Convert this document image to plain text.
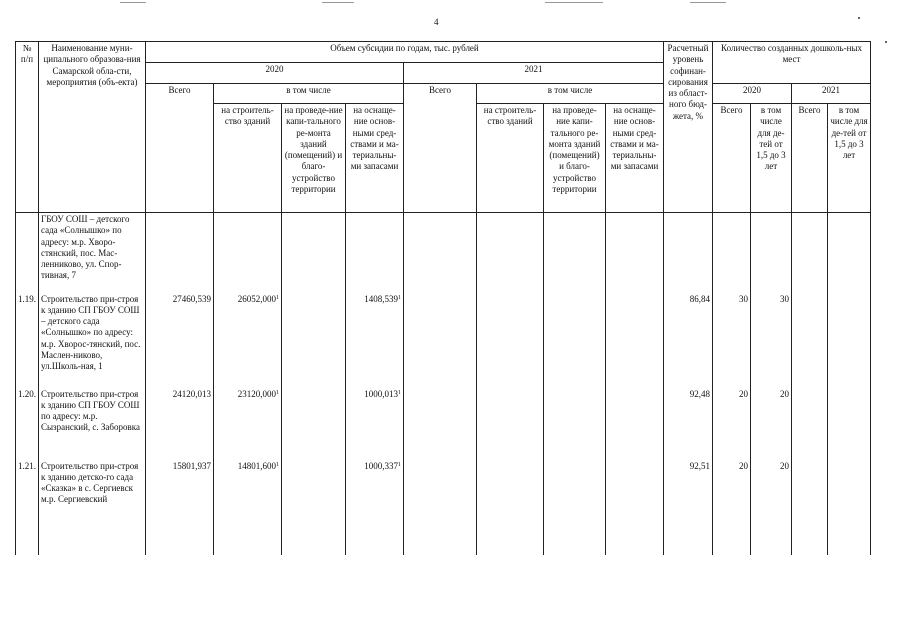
4
№ п/п	Наименование муни-ципального образова-ния Самарской обла-сти, мероприятия (объ-екта)	Объем субсидии по годам, тыс. рублей								Расчетный уровень софинан-сирования из област-ного бюд-жета, %	Количество созданных дошколь-ных мест			
		2020				2021								
		Всего	в том числе			Всего	в том числе				2020		2021	
			на строитель-ство зданий	на проведе-ние капи-тального ре-монта зданий (помещений) и благо-устройство территории	на оснаще-ние основ-ными сред-ствами и ма-териальны-ми запасами		на строитель-ство зданий	на проведе-ние капи-тального ре-монта зданий (помещений) и благо-устройство территории	на оснаще-ние основ-ными сред-ствами и ма-териальны-ми запасами		Всего	в том числе для де-тей от 1,5 до 3 лет	Всего	в том числе для де-тей от 1,5 до 3 лет
	ГБОУ СОШ – детского сада «Солнышко» по адресу: м.р. Хворо-стянский, пос. Мас-ленниково, ул. Спор-тивная, 7													
1.19.	Строительство при-строя к зданию СП ГБОУ СОШ – детского сада «Солнышко» по адресу: м.р. Хворос-тянский, пос. Маслен-никово, ул.Школь-ная, 1	27460,539	26052,000$^1$		1408,539$^1$					86,84	30	30		
1.20.	Строительство при-строя к зданию СП ГБОУ СОШ по адресу: м.р. Сызранский, с. Заборовка	24120,013	23120,000$^1$		1000,013$^1$					92,48	20	20		
1.21.	Строительство при-строя к зданию детско-го сада «Сказка» в с. Сергиевск м.р. Сергиевский	15801,937	14801,600$^1$		1000,337$^1$					92,51	20	20		
